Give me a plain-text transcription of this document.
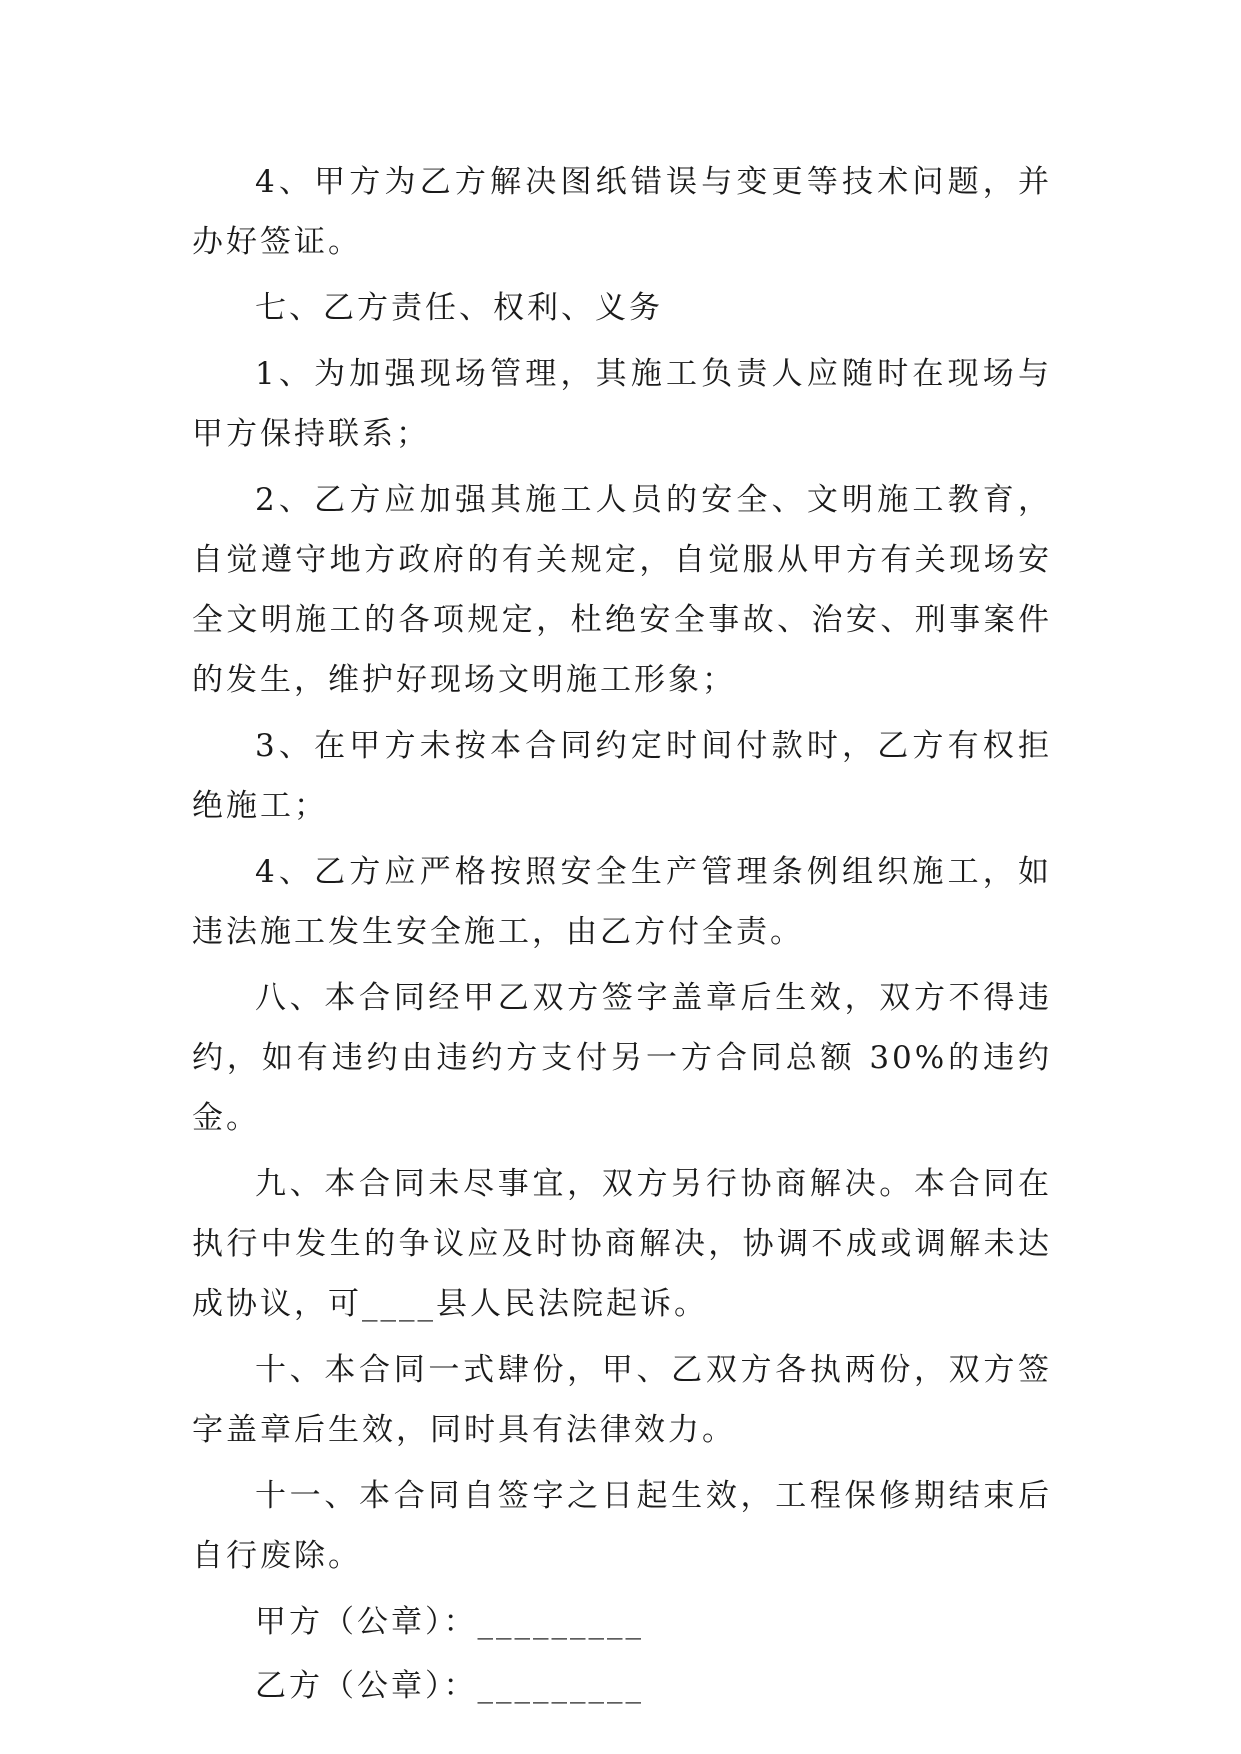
4、甲方为乙方解决图纸错误与变更等技术问题，并办好签证。

七、乙方责任、权利、义务

1、为加强现场管理，其施工负责人应随时在现场与甲方保持联系；

2、乙方应加强其施工人员的安全、文明施工教育，自觉遵守地方政府的有关规定，自觉服从甲方有关现场安全文明施工的各项规定，杜绝安全事故、治安、刑事案件的发生，维护好现场文明施工形象；

3、在甲方未按本合同约定时间付款时，乙方有权拒绝施工；

4、乙方应严格按照安全生产管理条例组织施工，如违法施工发生安全施工，由乙方付全责。

八、本合同经甲乙双方签字盖章后生效，双方不得违约，如有违约由违约方支付另一方合同总额 30%的违约金。

九、本合同未尽事宜，双方另行协商解决。本合同在执行中发生的争议应及时协商解决，协调不成或调解未达成协议，可____县人民法院起诉。

十、本合同一式肆份，甲、乙双方各执两份，双方签字盖章后生效，同时具有法律效力。

十一、本合同自签字之日起生效，工程保修期结束后自行废除。

甲方（公章）：_________

乙方（公章）：_________
